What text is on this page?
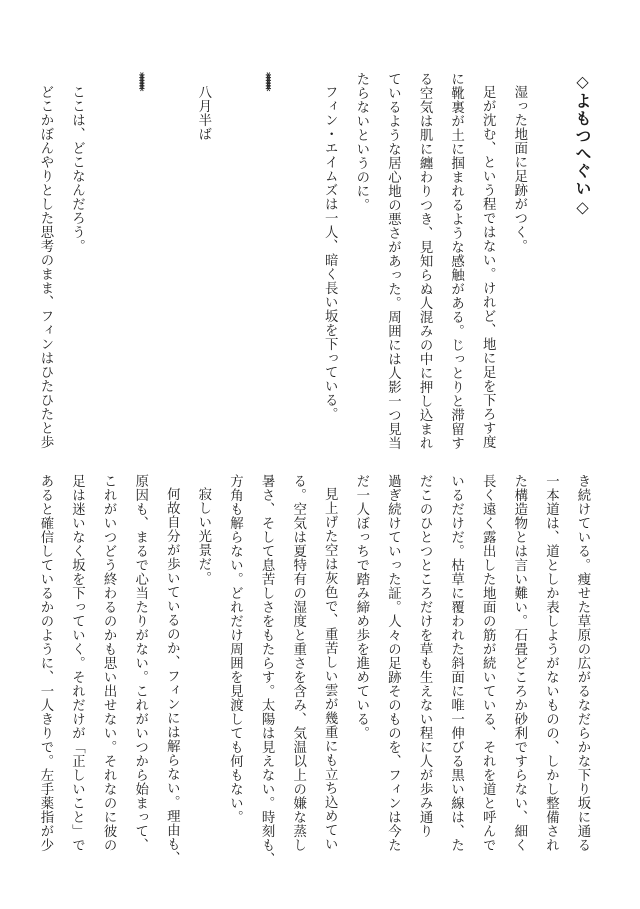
◇よもつへぐい◇

湿った地面に足跡がつく。

足が沈む、という程ではない。けれど、地に足を下ろす度

に靴裏が土に掴まれるような感触がある。じっとりと滞留す

る空気は肌に纏わりつき、見知らぬ人混みの中に押し込まれ

ているような居心地の悪さがあった。周囲には人影一つ見当

たらないというのに。

フィン・エイムズは一人、暗く長い坂を下っている。

******

八月半ば

******

ここは、どこなんだろう。

どこかぼんやりとした思考のまま、フィンはひたひたと歩

き続けている。痩せた草原の広がるなだらかな下り坂に通る

一本道は、道としか表しようがないものの、しかし整備され

た構造物とは言い難い。石畳どころか砂利ですらない、細く

長く遠く露出した地面の筋が続いている、それを道と呼んで

いるだけだ。枯草に覆われた斜面に唯一伸びる黒い線は、た

だこのひとつところだけを草も生えない程に人が歩み通り

過ぎ続けていった証。人々の足跡そのものを、フィンは今た

だ一人ぼっちで踏み締め歩を進めている。

見上げた空は灰色で、重苦しい雲が幾重にも立ち込めてい

る。空気は夏特有の湿度と重さを含み、気温以上の嫌な蒸し

暑さ、そして息苦しさをもたらす。太陽は見えない。時刻も、

方角も解らない。どれだけ周囲を見渡しても何もない。

寂しい光景だ。

何故自分が歩いているのか、フィンには解らない。理由も、

原因も、まるで心当たりがない。これがいつから始まって、

これがいつどう終わるのかも思い出せない。それなのに彼の

足は迷いなく坂を下っていく。それだけが「正しいこと」で

あると確信しているかのように、一人きりで。左手薬指が少
